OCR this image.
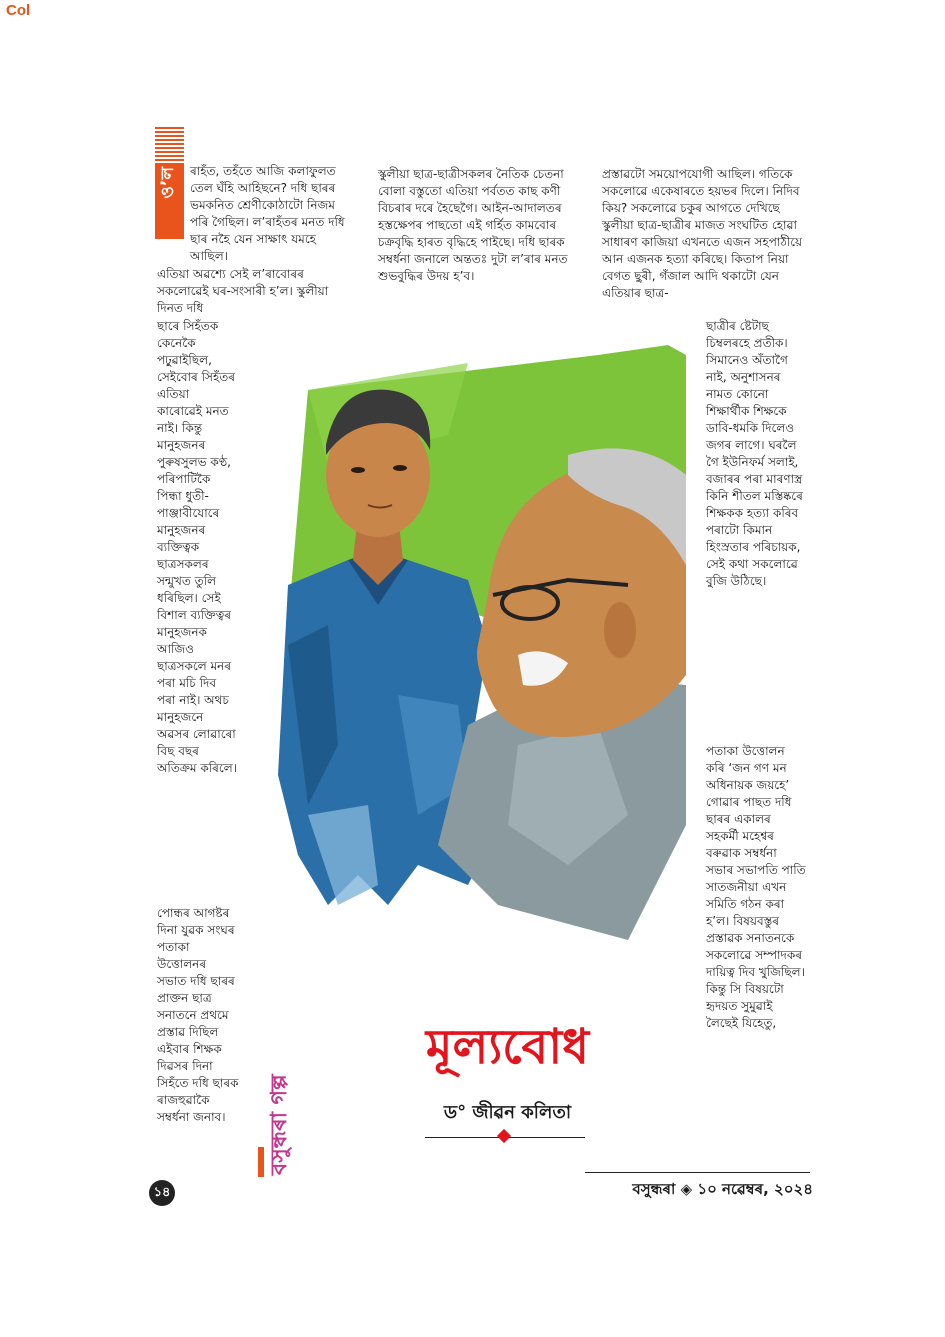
Col
ও’ল	ৰাহঁত, তহঁতে আজি কলাফুলত তেল ঘঁহি আহিছনে? দধি ছাৰৰ ভমকনিত শ্ৰেণীকোঠাটো নিজম পৰি গৈছিল। ল’ৰাহঁতৰ মনত দধি ছাৰ নহৈ যেন সাক্ষাৎ যমহে আছিল।

এতিয়া অৱশ্যে সেই ল’ৰাবোৰৰ সকলোৱেই ঘৰ-সংসাৰী হ’ল। স্কুলীয়া দিনত দধি

ছাৰে সিহঁতক কেনেকৈ পঢ়ুৱাইছিল, সেইবোৰ সিহঁতৰ এতিয়া কাৰোৱেই মনত নাই। কিন্তু মানুহজনৰ পুৰুষসুলভ কণ্ঠ, পৰিপাটিকৈ পিন্ধা ধুতী-পাঞ্জাবীযোৰে মানুহজনৰ ব্যক্তিত্বক ছাত্ৰসকলৰ সন্মুখত তুলি ধৰিছিল। সেই বিশাল ব্যক্তিত্বৰ মানুহজনক আজিও ছাত্ৰসকলে মনৰ পৰা মচি দিব পৰা নাই। অথচ মানুহজনে অৱসৰ লোৱাৰো বিছ বছৰ অতিক্ৰম কৰিলে।

পোন্ধৰ আগষ্টৰ দিনা যুৱক সংঘৰ পতাকা উত্তোলনৰ সভাত দধি ছাৰৰ প্ৰাক্তন ছাত্ৰ সনাতনে প্ৰথমে প্ৰস্তাৱ দিছিল এইবাৰ শিক্ষক দিৱসৰ দিনা সিহঁতে দধি ছাৰক ৰাজহুৱাকৈ সম্বৰ্ধনা জনাব।

স্কুলীয়া ছাত্ৰ-ছাত্ৰীসকলৰ নৈতিক চেতনা বোলা বস্তুতো এতিয়া পৰ্বতত কাছ কণী বিচৰাৰ দৰে হৈছেগৈ। আইন-আদালতৰ হস্তক্ষেপৰ পাছতো এই গৰ্হিত কামবোৰ চক্ৰবৃদ্ধি হাৰত বৃদ্ধিহে পাইছে। দধি ছাৰক সম্বৰ্ধনা জনালে অন্ততঃ দুটা ল’ৰাৰ মনত শুভবুদ্ধিৰ উদয় হ’ব।

প্ৰস্তাৱটো সময়োপযোগী আছিল। গতিকে সকলোৱে একেষাৰতে হয়ভৰ দিলে। নিদিব কিয়? সকলোৱে চকুৰ আগতে দেখিছে স্কুলীয়া ছাত্ৰ-ছাত্ৰীৰ মাজত সংঘটিত হোৱা সাধাৰণ কাজিয়া এখনতে এজন সহপাঠীয়ে আন এজনক হত্যা কৰিছে। কিতাপ নিয়া বেগত ছুৰী, গঁজাল আদি থকাটো যেন এতিয়াৰ ছাত্ৰ-

ছাত্ৰীৰ ষ্টেটাছ চিম্বলৰহে প্ৰতীক। সিমানেও অঁতাগৈ নাই, অনুশাসনৰ নামত কোনো শিক্ষাৰ্থীক শিক্ষকে ডাবি-ধমকি দিলেও জগৰ লাগে। ঘৰলৈ গৈ ইউনিফৰ্ম সলাই, বজাৰৰ পৰা মাৰণাস্ত্ৰ কিনি শীতল মস্তিষ্কৰে শিক্ষকক হত্যা কৰিব পৰাটো কিমান হিংস্ৰতাৰ পৰিচায়ক, সেই কথা সকলোৱে বুজি উঠিছে।

পতাকা উত্তোলন কৰি ‘জন গণ মন অধিনায়ক জয়হে’ গোৱাৰ পাছত দধি ছাৰৰ একালৰ সহকৰ্মী মহেশ্বৰ বৰুৱাক সম্বৰ্ধনা সভাৰ সভাপতি পাতি সাতজনীয়া এখন সমিতি গঠন কৰা হ’ল। বিষয়বস্তুৰ প্ৰস্তাৱক সনাতনকে সকলোৱে সম্পাদকৰ দায়িত্ব দিব খুজিছিল। কিন্তু সি বিষয়টো হৃদয়ত সুমুৱাই লৈছেই যিহেতু,

বসুন্ধৰা গল্প
মূল্যবোধ
ড° জীৱন কলিতা
১৪	বসুন্ধৰা ◈ ১০ নৱেম্বৰ, ২০২৪
